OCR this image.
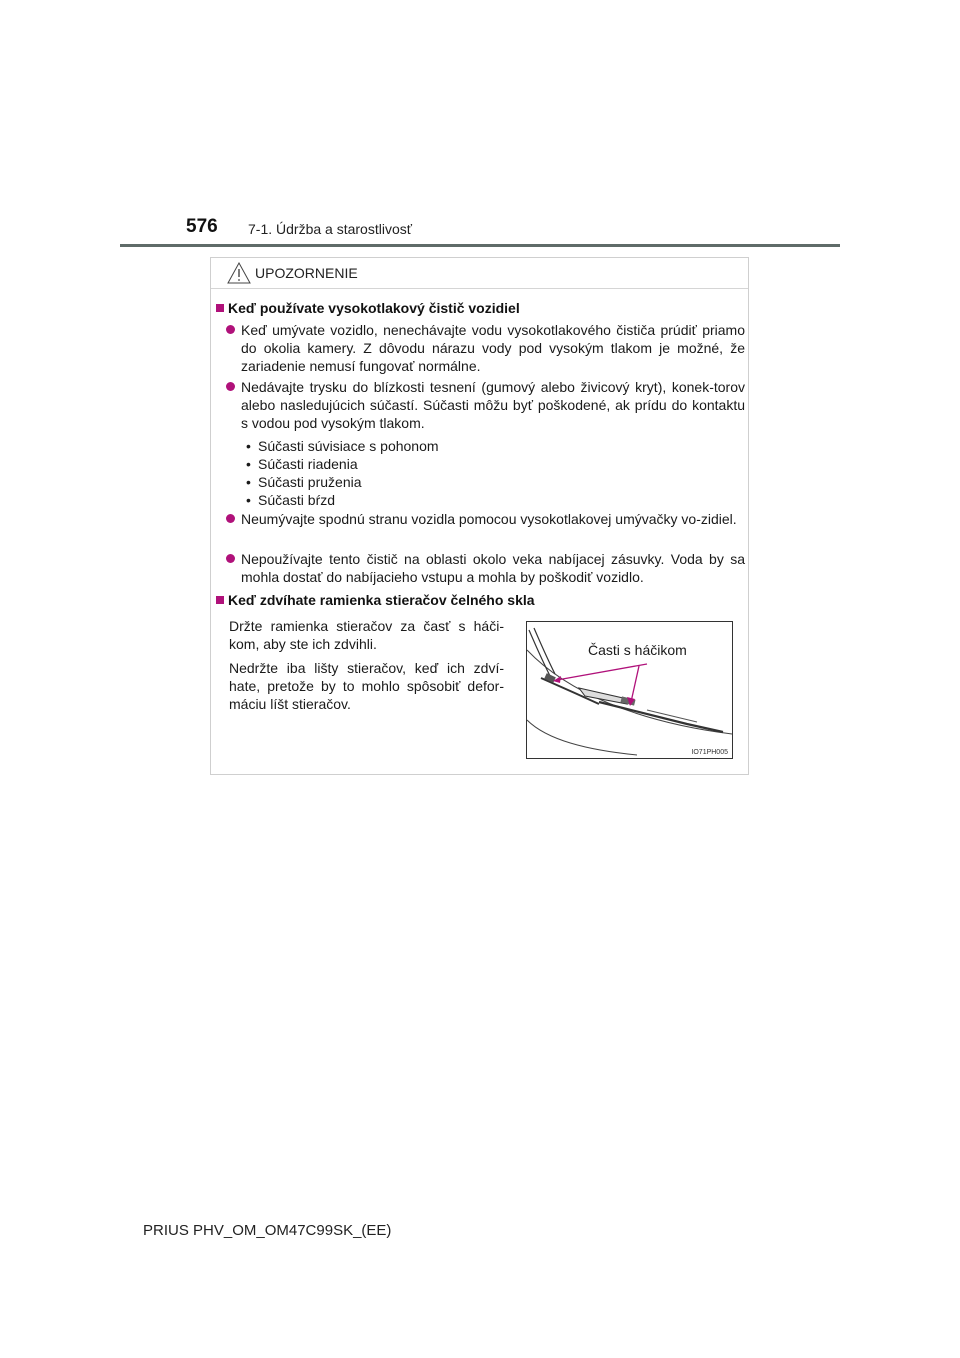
576 7-1. Údržba a starostlivosť
UPOZORNENIE
Keď používate vysokotlakový čistič vozidiel
Keď umývate vozidlo, nenechávajte vodu vysokotlakového čističa prúdiť priamo do okolia kamery. Z dôvodu nárazu vody pod vysokým tlakom je možné, že zariadenie nemusí fungovať normálne.
Nedávajte trysku do blízkosti tesnení (gumový alebo živicový kryt), konek-torov alebo nasledujúcich súčastí. Súčasti môžu byť poškodené, ak prídu do kontaktu s vodou pod vysokým tlakom.
• Súčasti súvisiace s pohonom
• Súčasti riadenia
• Súčasti pruženia
• Súčasti bŕzd
Neumývajte spodnú stranu vozidla pomocou vysokotlakovej umývačky vo-zidiel.
Nepoužívajte tento čistič na oblasti okolo veka nabíjacej zásuvky. Voda by sa mohla dostať do nabíjacieho vstupu a mohla by poškodiť vozidlo.
Keď zdvíhate ramienka stieračov čelného skla
Držte ramienka stieračov za časť s háči-kom, aby ste ich zdvihli.
Nedržte iba lišty stieračov, keď ich zdví-hate, pretože by to mohlo spôsobiť defor-máciu líšt stieračov.
Časti s háčikom
IO71PH005
PRIUS PHV_OM_OM47C99SK_(EE)
